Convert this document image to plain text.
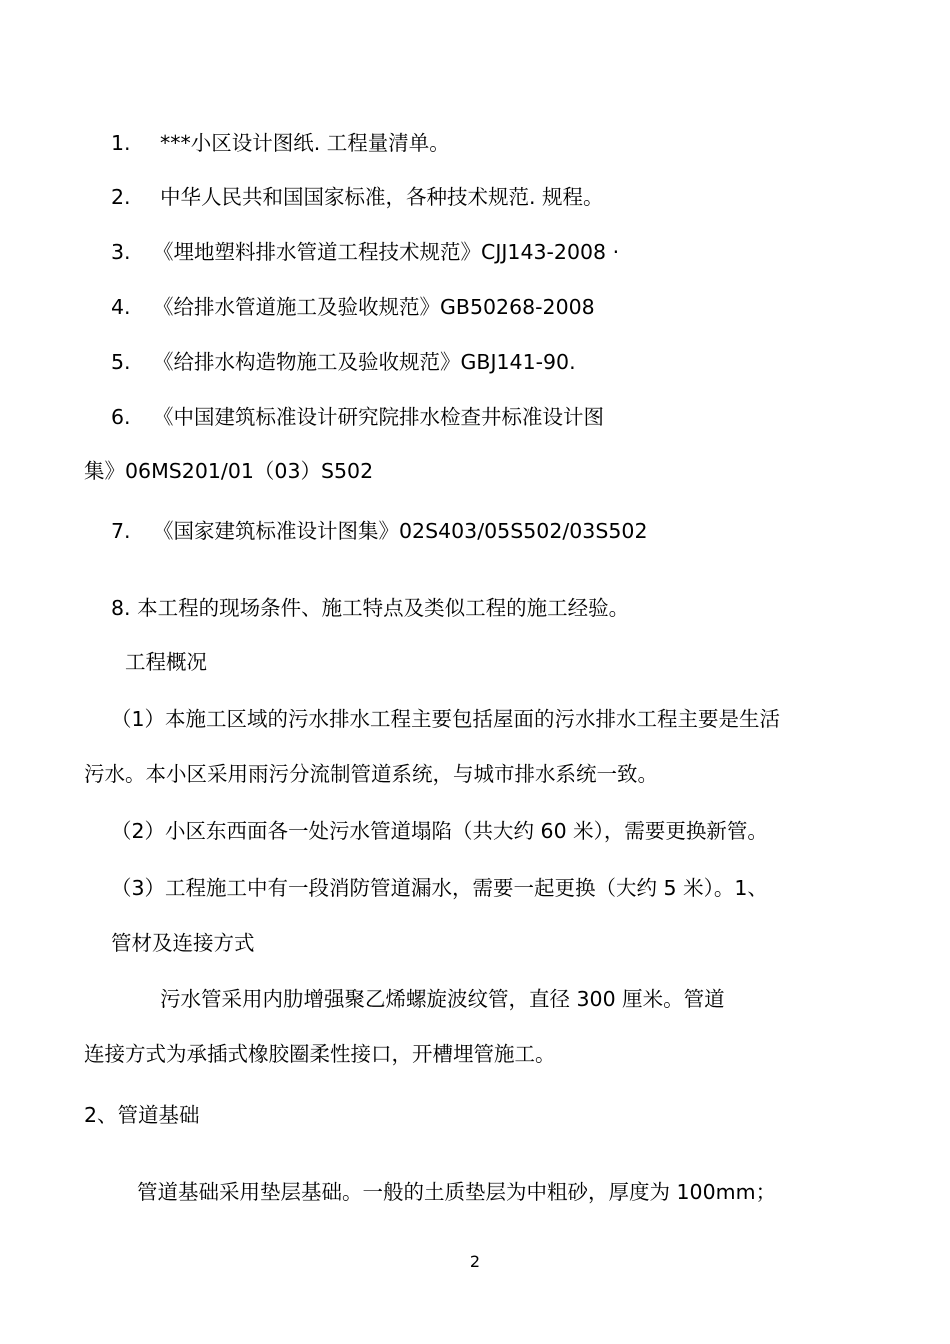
1. ***小区设计图纸. 工程量清单。
2. 中华人民共和国国家标准，各种技术规范. 规程。
3. 《埋地塑料排水管道工程技术规范》CJJ143-2008 ·
4. 《给排水管道施工及验收规范》GB50268-2008
5. 《给排水构造物施工及验收规范》GBJ141-90.
6. 《中国建筑标准设计研究院排水检查井标准设计图
集》06MS201/01（03）S502
7. 《国家建筑标准设计图集》02S403/05S502/03S502
8. 本工程的现场条件、施工特点及类似工程的施工经验。
工程概况
（1）本施工区域的污水排水工程主要包括屋面的污水排水工程主要是生活
污水。本小区采用雨污分流制管道系统，与城市排水系统一致。
（2）小区东西面各一处污水管道塌陷（共大约 60 米），需要更换新管。
（3）工程施工中有一段消防管道漏水，需要一起更换（大约 5 米）。1、
管材及连接方式
污水管采用内肋增强聚乙烯螺旋波纹管，直径 300 厘米。管道
连接方式为承插式橡胶圈柔性接口，开槽埋管施工。
2、管道基础
管道基础采用垫层基础。一般的土质垫层为中粗砂，厚度为 100mm；
2
